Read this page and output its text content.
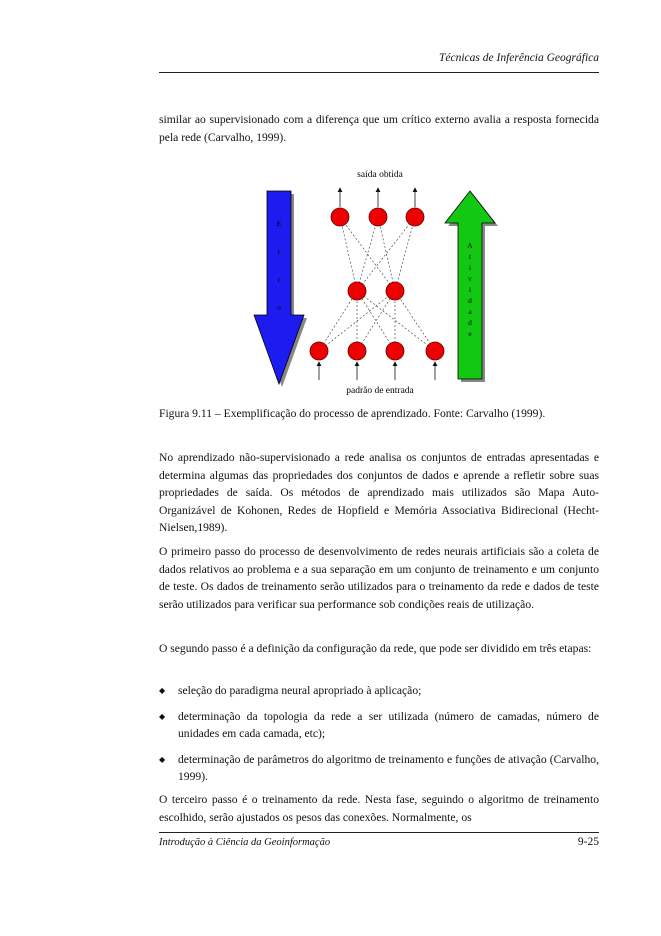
Técnicas de Inferência Geográfica
similar ao supervisionado com a diferença que um crítico externo avalia a resposta fornecida pela rede (Carvalho, 1999).
E
r
r
o
A
t
i
v
i
d
a
d
e
saída obtida
padrão de entrada
Figura 9.11 – Exemplificação do processo de aprendizado. Fonte: Carvalho (1999).
No aprendizado não-supervisionado a rede analisa os conjuntos de entradas apresentadas e determina algumas das propriedades dos conjuntos de dados e aprende a refletir sobre suas propriedades de saída. Os métodos de aprendizado mais utilizados são Mapa Auto-Organizável de Kohonen, Redes de Hopfield e Memória Associativa Bidirecional (Hecht-Nielsen,1989).
O primeiro passo do processo de desenvolvimento de redes neurais artificiais são a coleta de dados relativos ao problema e a sua separação em um conjunto de treinamento e um conjunto de teste. Os dados de treinamento serão utilizados para o treinamento da rede e dados de teste serão utilizados para verificar sua performance sob condições reais de utilização.
O segundo passo é a definição da configuração da rede, que pode ser dividido em três etapas:
◆ seleção do paradigma neural apropriado à aplicação;
◆ determinação da topologia da rede a ser utilizada (número de camadas, número de unidades em cada camada, etc);
◆ determinação de parâmetros do algoritmo de treinamento e funções de ativação (Carvalho, 1999).
O terceiro passo é o treinamento da rede. Nesta fase, seguindo o algoritmo de treinamento escolhido, serão ajustados os pesos das conexões. Normalmente, os
Introdução à Ciência da Geoinformação	9-25
